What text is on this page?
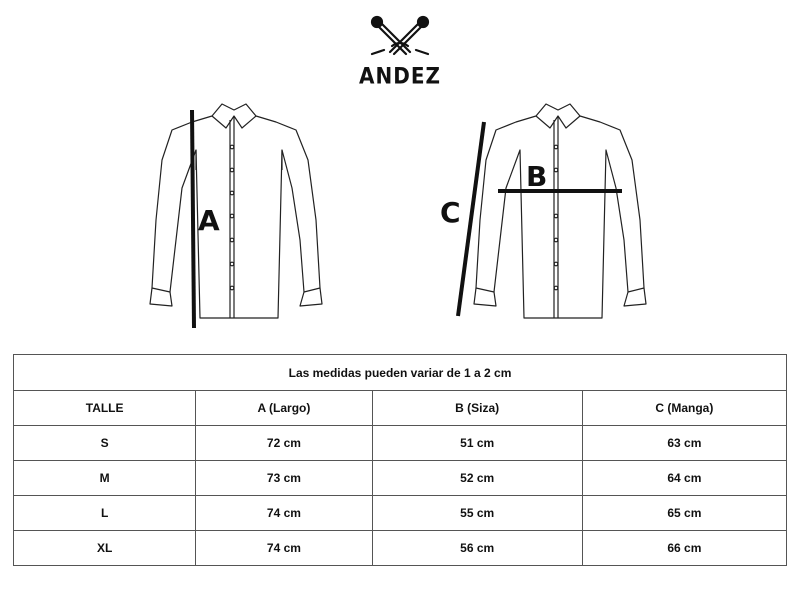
ANDEZ
A
B
C
Las medidas pueden variar de 1 a 2 cm			
TALLE	A (Largo)	B (Siza)	C (Manga)
S	72 cm	51 cm	63 cm
M	73 cm	52 cm	64 cm
L	74 cm	55 cm	65 cm
XL	74 cm	56 cm	66 cm
